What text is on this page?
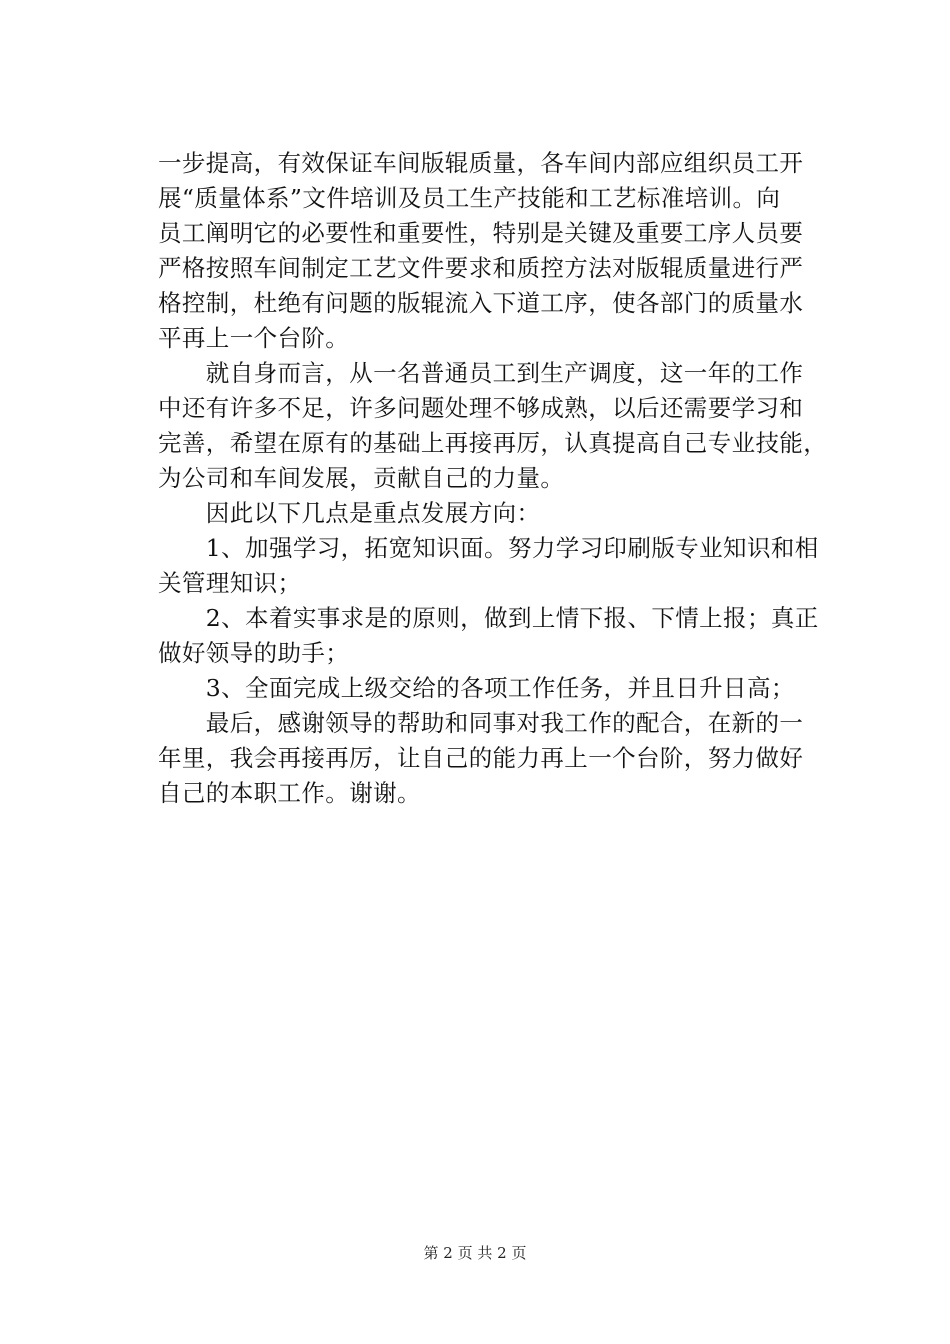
一步提高，有效保证车间版辊质量，各车间内部应组织员工开
展“质量体系”文件培训及员工生产技能和工艺标准培训。向
员工阐明它的必要性和重要性，特别是关键及重要工序人员要
严格按照车间制定工艺文件要求和质控方法对版辊质量进行严
格控制，杜绝有问题的版辊流入下道工序，使各部门的质量水
平再上一个台阶。
　　就自身而言，从一名普通员工到生产调度，这一年的工作
中还有许多不足，许多问题处理不够成熟，以后还需要学习和
完善，希望在原有的基础上再接再厉，认真提高自己专业技能，
为公司和车间发展，贡献自己的力量。
　　因此以下几点是重点发展方向：
　　1、加强学习，拓宽知识面。努力学习印刷版专业知识和相
关管理知识；
　　2、本着实事求是的原则，做到上情下报、下情上报；真正
做好领导的助手；
　　3、全面完成上级交给的各项工作任务，并且日升日高；
　　最后，感谢领导的帮助和同事对我工作的配合，在新的一
年里，我会再接再厉，让自己的能力再上一个台阶，努力做好
自己的本职工作。谢谢。
第 2 页 共 2 页
